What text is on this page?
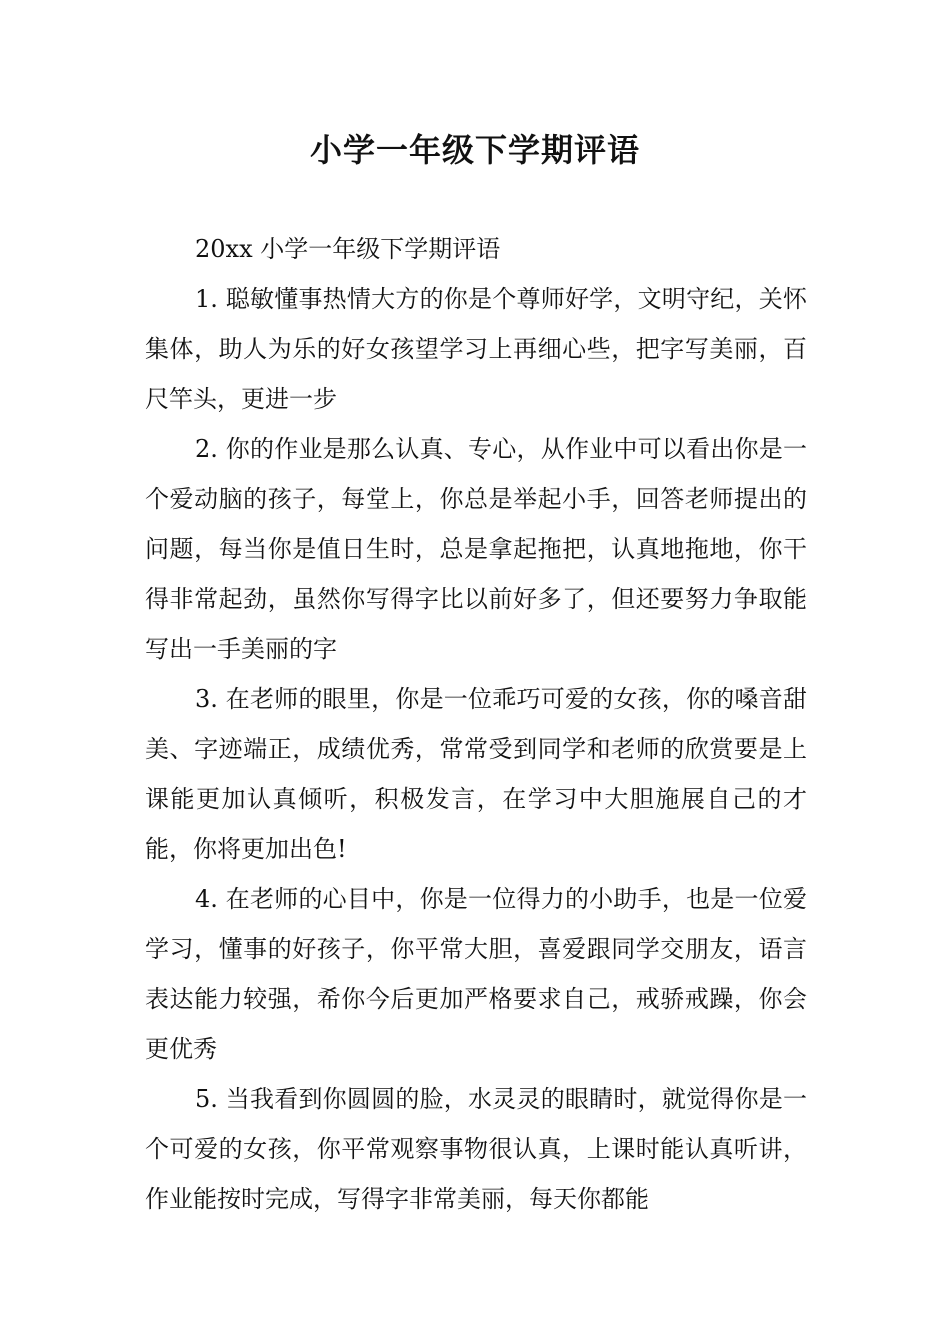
小学一年级下学期评语

20xx 小学一年级下学期评语

1. 聪敏懂事热情大方的你是个尊师好学，文明守纪，关怀集体，助人为乐的好女孩望学习上再细心些，把字写美丽，百尺竿头，更进一步

2. 你的作业是那么认真、专心，从作业中可以看出你是一个爱动脑的孩子，每堂上，你总是举起小手，回答老师提出的问题，每当你是值日生时，总是拿起拖把，认真地拖地，你干得非常起劲，虽然你写得字比以前好多了，但还要努力争取能写出一手美丽的字

3. 在老师的眼里，你是一位乖巧可爱的女孩，你的嗓音甜美、字迹端正，成绩优秀，常常受到同学和老师的欣赏要是上课能更加认真倾听，积极发言，在学习中大胆施展自己的才能，你将更加出色!

4. 在老师的心目中，你是一位得力的小助手，也是一位爱学习，懂事的好孩子，你平常大胆，喜爱跟同学交朋友，语言表达能力较强，希你今后更加严格要求自己，戒骄戒躁，你会更优秀

5. 当我看到你圆圆的脸，水灵灵的眼睛时，就觉得你是一个可爱的女孩，你平常观察事物很认真，上课时能认真听讲，作业能按时完成，写得字非常美丽，每天你都能
